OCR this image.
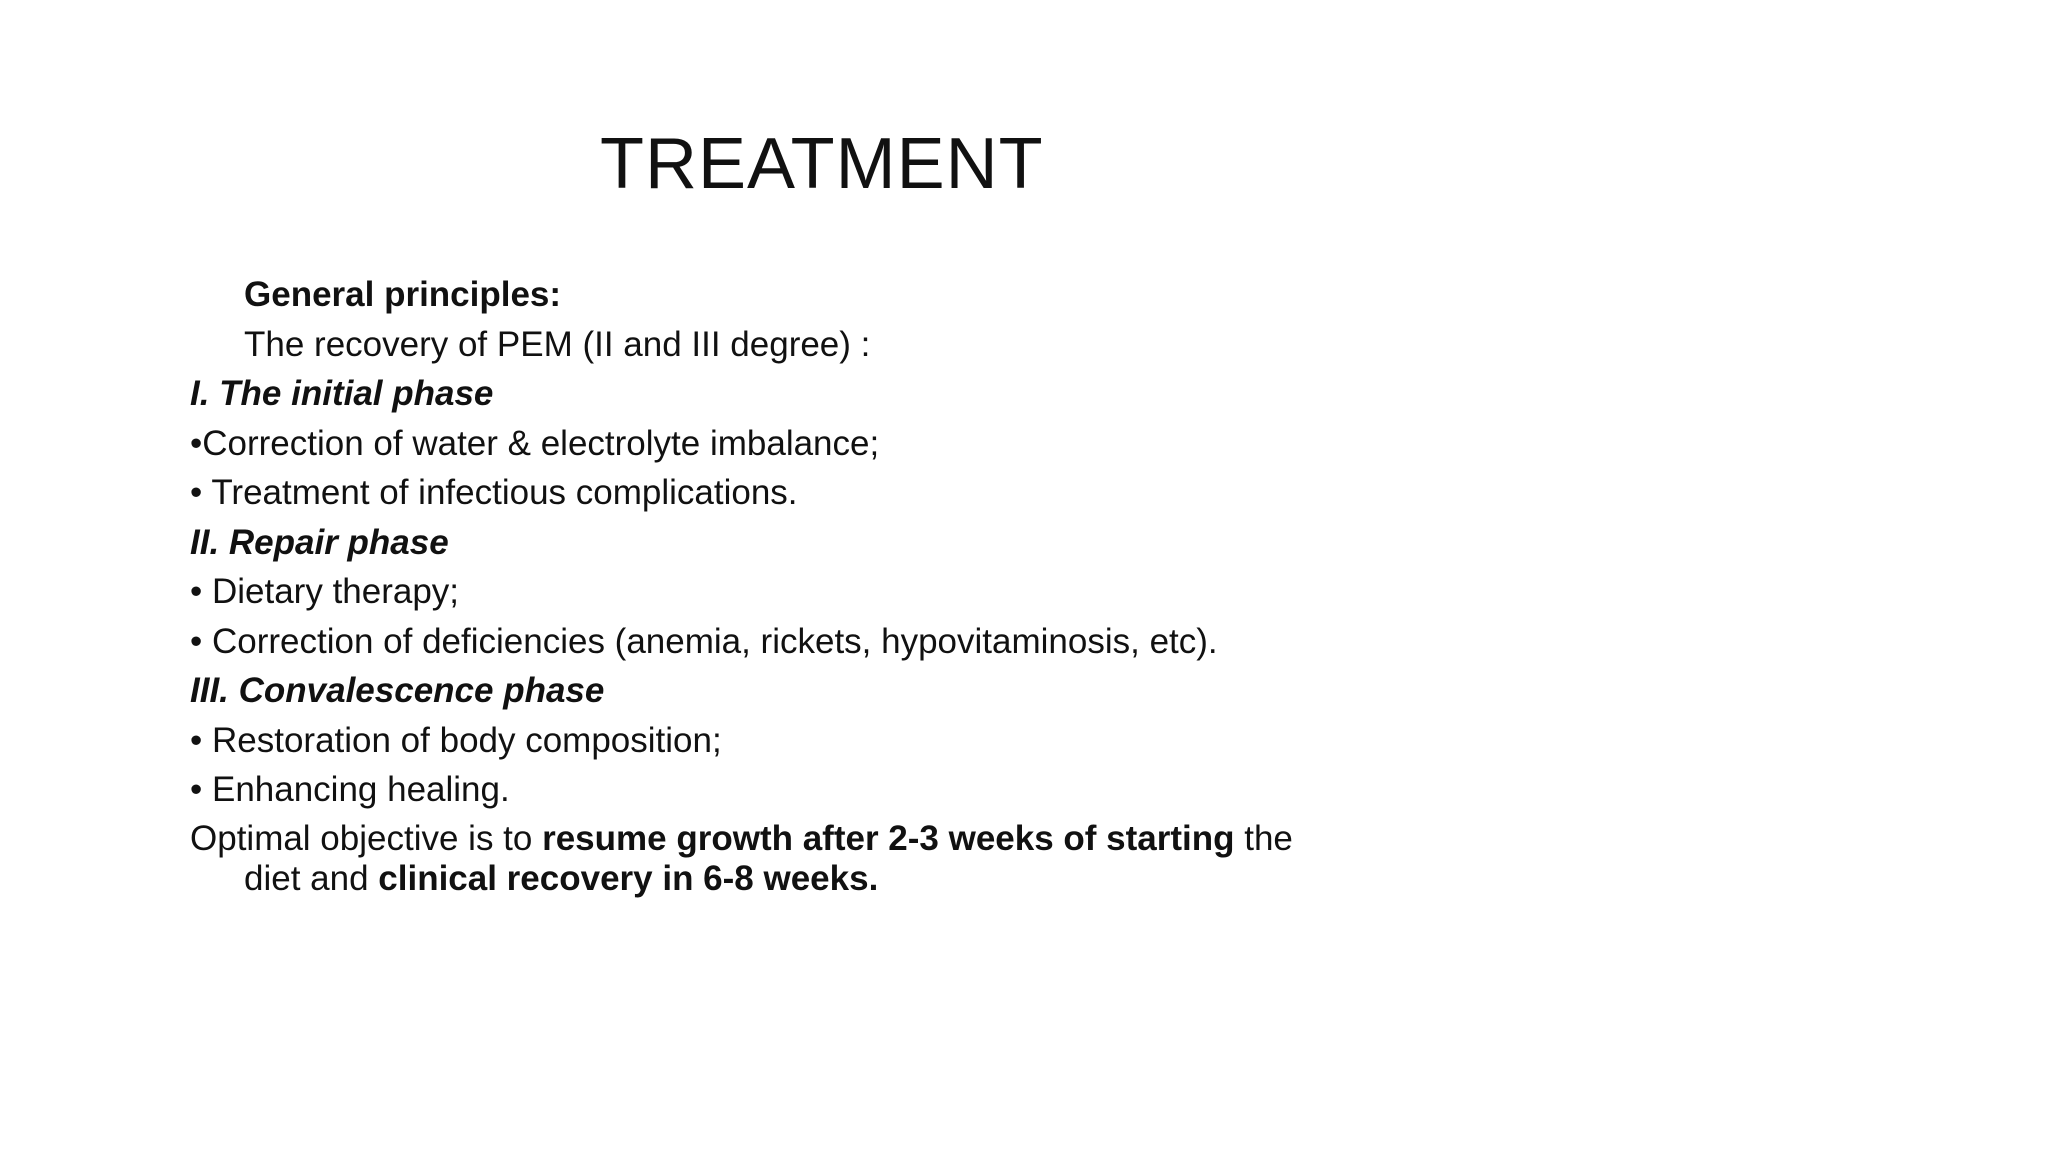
TREATMENT
General principles:
The recovery of PEM (II and III degree) :
I. The initial phase
•Correction of water & electrolyte imbalance;
• Treatment of infectious complications.
II. Repair phase
• Dietary therapy;
• Correction of deficiencies (anemia, rickets, hypovitaminosis, etc).
III. Convalescence phase
• Restoration of body composition;
• Enhancing healing.
Optimal objective is to resume growth after 2-3 weeks of starting the
diet and clinical recovery in 6-8 weeks.
